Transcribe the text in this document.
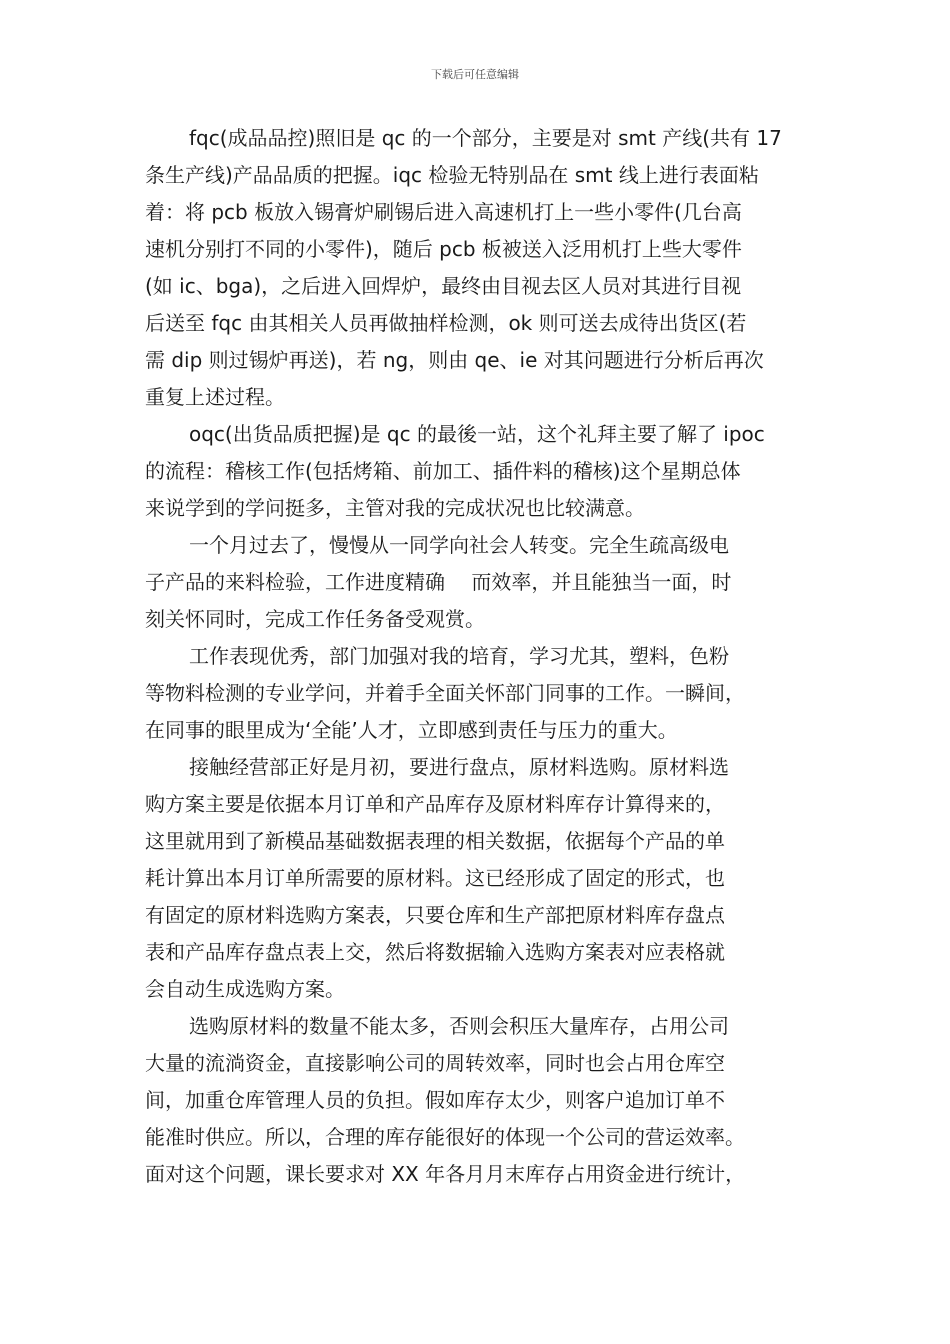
下载后可任意编辑
fqc(成品品控)照旧是 qc 的一个部分，主要是对 smt 产线(共有 17
条生产线)产品品质的把握。iqc 检验无特别品在 smt 线上进行表面粘
着：将 pcb 板放入锡膏炉刷锡后进入高速机打上一些小零件(几台高
速机分别打不同的小零件)，随后 pcb 板被送入泛用机打上些大零件
(如 ic、bga)，之后进入回焊炉，最终由目视去区人员对其进行目视
后送至 fqc 由其相关人员再做抽样检测，ok 则可送去成待出货区(若
需 dip 则过锡炉再送)，若 ng，则由 qe、ie 对其问题进行分析后再次
重复上述过程。
oqc(出货品质把握)是 qc 的最後一站，这个礼拜主要了解了 ipoc
的流程：稽核工作(包括烤箱、前加工、插件料的稽核)这个星期总体
来说学到的学问挺多，主管对我的完成状况也比较满意。
一个月过去了，慢慢从一同学向社会人转变。完全生疏高级电
子产品的来料检验，工作进度精确　 而效率，并且能独当一面，时
刻关怀同时，完成工作任务备受观赏。
工作表现优秀，部门加强对我的培育，学习尤其，塑料，色粉
等物料检测的专业学问，并着手全面关怀部门同事的工作。一瞬间，
在同事的眼里成为‘全能’人才，立即感到责任与压力的重大。
接触经营部正好是月初，要进行盘点，原材料选购。原材料选
购方案主要是依据本月订单和产品库存及原材料库存计算得来的，
这里就用到了新模品基础数据表理的相关数据，依据每个产品的单
耗计算出本月订单所需要的原材料。这已经形成了固定的形式，也
有固定的原材料选购方案表，只要仓库和生产部把原材料库存盘点
表和产品库存盘点表上交，然后将数据输入选购方案表对应表格就
会自动生成选购方案。
选购原材料的数量不能太多，否则会积压大量库存，占用公司
大量的流淌资金，直接影响公司的周转效率，同时也会占用仓库空
间，加重仓库管理人员的负担。假如库存太少，则客户追加订单不
能准时供应。所以，合理的库存能很好的体现一个公司的营运效率。
面对这个问题，课长要求对 XX 年各月月末库存占用资金进行统计，
